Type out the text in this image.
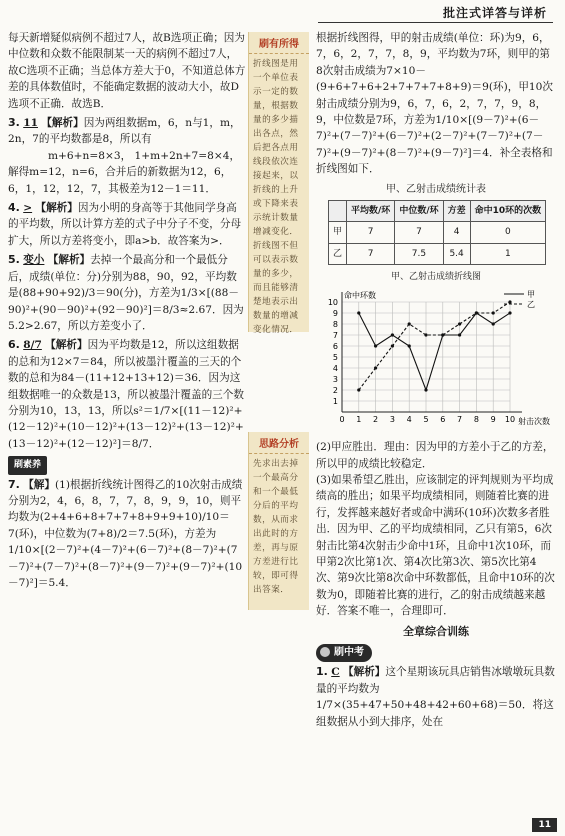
批注式详答与详析

每天新增疑似病例不超过7人，故B选项正确；因为中位数和众数不能限制某一天的病例不超过7人，故C选项不正确；当总体方差大于0，不知道总体方差的具体数值时，不能确定数据的波动大小，故D选项不正确．故选B．

3. 11 【解析】因为两组数据m，6，n与1，m，2n，7的平均数都是8，所以有
m+6+n=8×3， 1+m+2n+7=8×4，
解得m=12，n=6，合并后的新数据为12，6，6，1，12，12，7，其极差为12－1＝11．

4. > 【解析】因为小明的身高等于其他同学身高的平均数，所以计算方差的式子中分子不变，分母扩大，所以方差将变小，即a>b．故答案为>．

5. 变小 【解析】去掉一个最高分和一个最低分后，成绩(单位：分)分别为88，90，92，平均数是(88+90+92)/3＝90(分)，方差为1/3×[(88－90)²+(90－90)²+(92－90)²]＝8/3≈2.67．因为5.2>2.67，所以方差变小了．

6. 8/7 【解析】因为平均数是12，所以这组数据的总和为12×7＝84，所以被墨汁覆盖的三天的个数的总和为84－(11+12+13+12)＝36．因为这组数据唯一的众数是13，所以被墨汁覆盖的三个数分别为10，13，13，所以s²＝1/7×[(11－12)²+(12－12)²+(10－12)²+(13－12)²+(13－12)²+(13－12)²+(12－12)²]＝8/7．

刷素养

7. 【解】(1)根据折线统计图得乙的10次射击成绩分别为2，4，6，8，7，7，8，9，9，10，则平均数为(2+4+6+8+7+7+8+9+9+10)/10＝7(环)，中位数为(7+8)/2＝7.5(环)，方差为1/10×[(2－7)²+(4－7)²+(6－7)²+(8－7)²+(7－7)²+(7－7)²+(8－7)²+(9－7)²+(9－7)²+(10－7)²]＝5.4．

刷有所得
折线图是用一个单位表示一定的数量，根据数量的多少描出各点，然后把各点用线段依次连接起来，以折线的上升或下降来表示统计数量增减变化．折线图不但可以表示数量的多少，而且能够清楚地表示出数量的增减变化情况．
思路分析
先求出去掉一个最高分和一个最低分后的平均数，从而求出此时的方差，再与原方差进行比较，即可得出答案．

根据折线图得，甲的射击成绩(单位：环)为9，6，7，6，2，7，7，8，9，平均数为7环，则甲的第8次射击成绩为7×10－(9+6+7+6+2+7+7+7+8+9)＝9(环)，甲10次射击成绩分别为9，6，7，6，2，7，7，9，8，9，中位数是7环，方差为1/10×[(9－7)²+(6－7)²+(7－7)²+(6－7)²+(2－7)²+(7－7)²+(7－7)²+(9－7)²+(8－7)²+(9－7)²]＝4．补全表格和折线图如下．

甲、乙射击成绩统计表
	平均数/环	中位数/环	方差	命中10环的次数
甲	7	7	4	0
乙	7	7.5	5.4	1
甲、乙射击成绩折线图
0 1 2 3 4 5 6 7 8 9 10
1
2
3
4
5
6
7
8
9
10
命中环数
射击次数
甲
乙

(2)甲应胜出．理由：因为甲的方差小于乙的方差，所以甲的成绩比较稳定．

(3)如果希望乙胜出，应该制定的评判规则为平均成绩高的胜出；如果平均成绩相同，则随着比赛的进行，发挥越来越好者或命中满环(10环)次数多者胜出．因为甲、乙的平均成绩相同，乙只有第5，6次射击比第4次射击少命中1环，且命中1次10环，而甲第2次比第1次、第4次比第3次、第5次比第4次、第9次比第8次命中环数都低，且命中10环的次数为0，即随着比赛的进行，乙的射击成绩越来越好．答案不唯一，合理即可．

全章综合训练
刷中考

1. C 【解析】这个星期该玩具店销售冰墩墩玩具数量的平均数为1/7×(35+47+50+48+42+60+68)＝50．将这组数据从小到大排序，处在

11
